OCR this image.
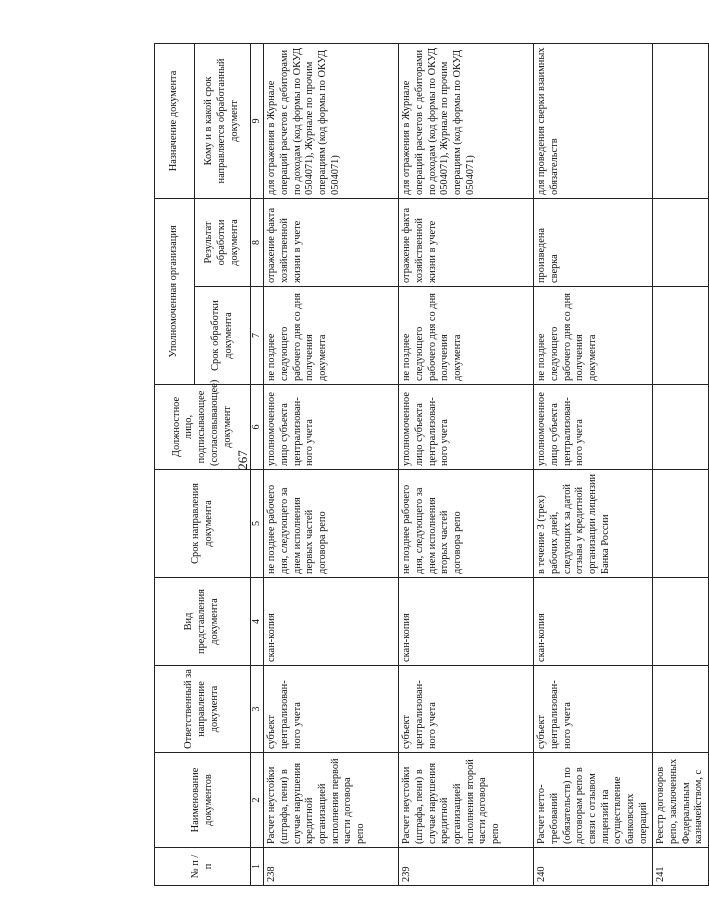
267
№ п / п	Наименование документов	Ответственный за направление документа	Вид представления документа	Срок направления документа	Должностное лицо, подписывающее (согласовывающее) документ	Уполномоченная организация		Назначение документа
						Срок обработки документа	Результат обработки документа	Кому и в какой срок направляется обработанный документ
1	2	3	4	5	6	7	8	9
238	Расчет неустойки (штрафа, пени) в случае нарушения кредитной организацией исполнения первой части договора репо	субъект централизован-ного учета	скан-копия	не позднее рабочего дня, следующего за днем исполнения первых частей договора репо	уполномоченное лицо субъекта централизован-ного учета	не позднее следующего рабочего дня со дня получения документа	отражение факта хозяйственной жизни в учете	для отражения в Журнале операций расчетов с дебиторами по доходам (код формы по ОКУД 0504071), Журнале по прочим операциям (код формы по ОКУД 0504071)
239	Расчет неустойки (штрафа, пени) в случае нарушения кредитной организацией исполнения второй части договора репо	субъект централизован-ного учета	скан-копия	не позднее рабочего дня, следующего за днем исполнения вторых частей договора репо	уполномоченное лицо субъекта централизован-ного учета	не позднее следующего рабочего дня со дня получения документа	отражение факта хозяйственной жизни в учете	для отражения в Журнале операций расчетов с дебиторами по доходам (код формы по ОКУД 0504071), Журнале по прочим операциям (код формы по ОКУД 0504071)
240	Расчет нетто-требований (обязательств) по договорам репо в связи с отзывом лицензий на осуществление банковских операций	субъект централизован-ного учета	скан-копия	в течение 3 (трех) рабочих дней, следующих за датой отзыва у кредитной организации лицензии Банка России	уполномоченное лицо субъекта централизован-ного учета	не позднее следующего рабочего дня со дня получения документа	произведена сверка	для проведения сверки взаимных обязательств
241	Реестр договоров репо, заключенных Федеральным казначейством, с							
